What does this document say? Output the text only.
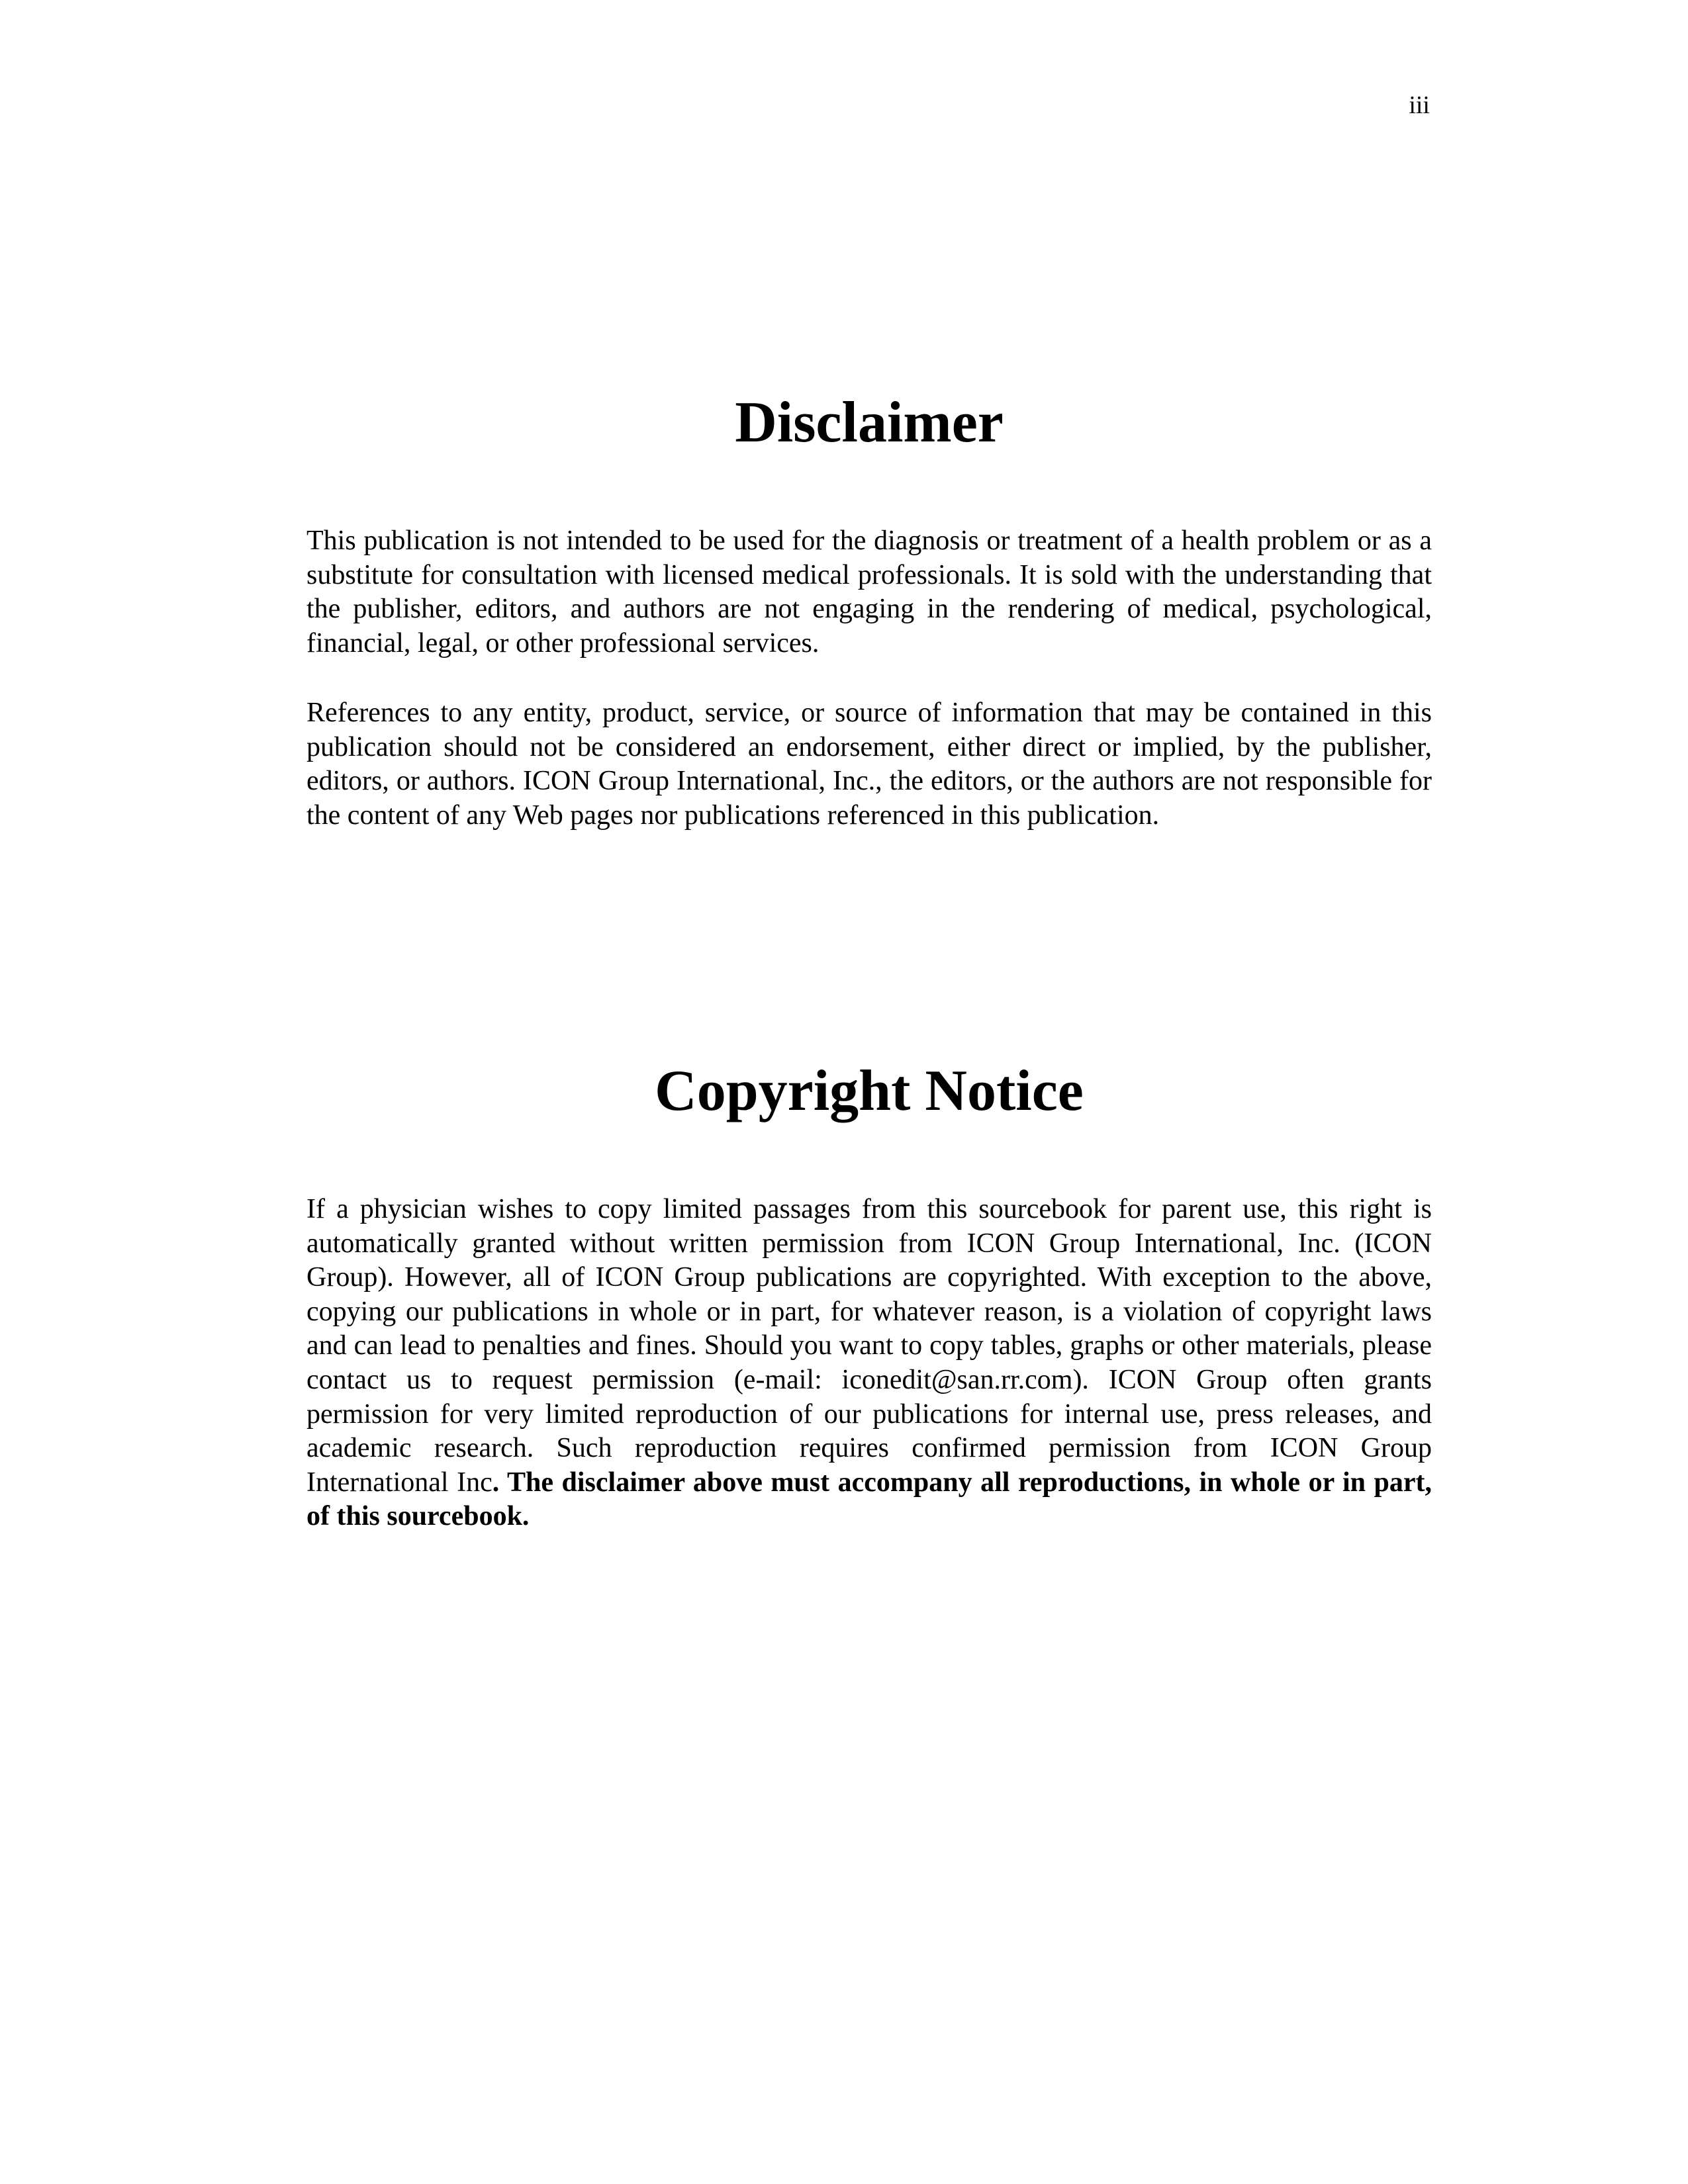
iii
Disclaimer

This publication is not intended to be used for the diagnosis or treatment of a health problem or as a substitute for consultation with licensed medical professionals. It is sold with the understanding that the publisher, editors, and authors are not engaging in the rendering of medical, psychological, financial, legal, or other professional services.

References to any entity, product, service, or source of information that may be contained in this publication should not be considered an endorsement, either direct or implied, by the publisher, editors, or authors. ICON Group International, Inc., the editors, or the authors are not responsible for the content of any Web pages nor publications referenced in this publication.

Copyright Notice

If a physician wishes to copy limited passages from this sourcebook for parent use, this right is automatically granted without written permission from ICON Group International, Inc. (ICON Group). However, all of ICON Group publications are copyrighted. With exception to the above, copying our publications in whole or in part, for whatever reason, is a violation of copyright laws and can lead to penalties and fines. Should you want to copy tables, graphs or other materials, please contact us to request permission (e-mail: iconedit@san.rr.com). ICON Group often grants permission for very limited reproduction of our publications for internal use, press releases, and academic research. Such reproduction requires confirmed permission from ICON Group International Inc. The disclaimer above must accompany all reproductions, in whole or in part, of this sourcebook.
